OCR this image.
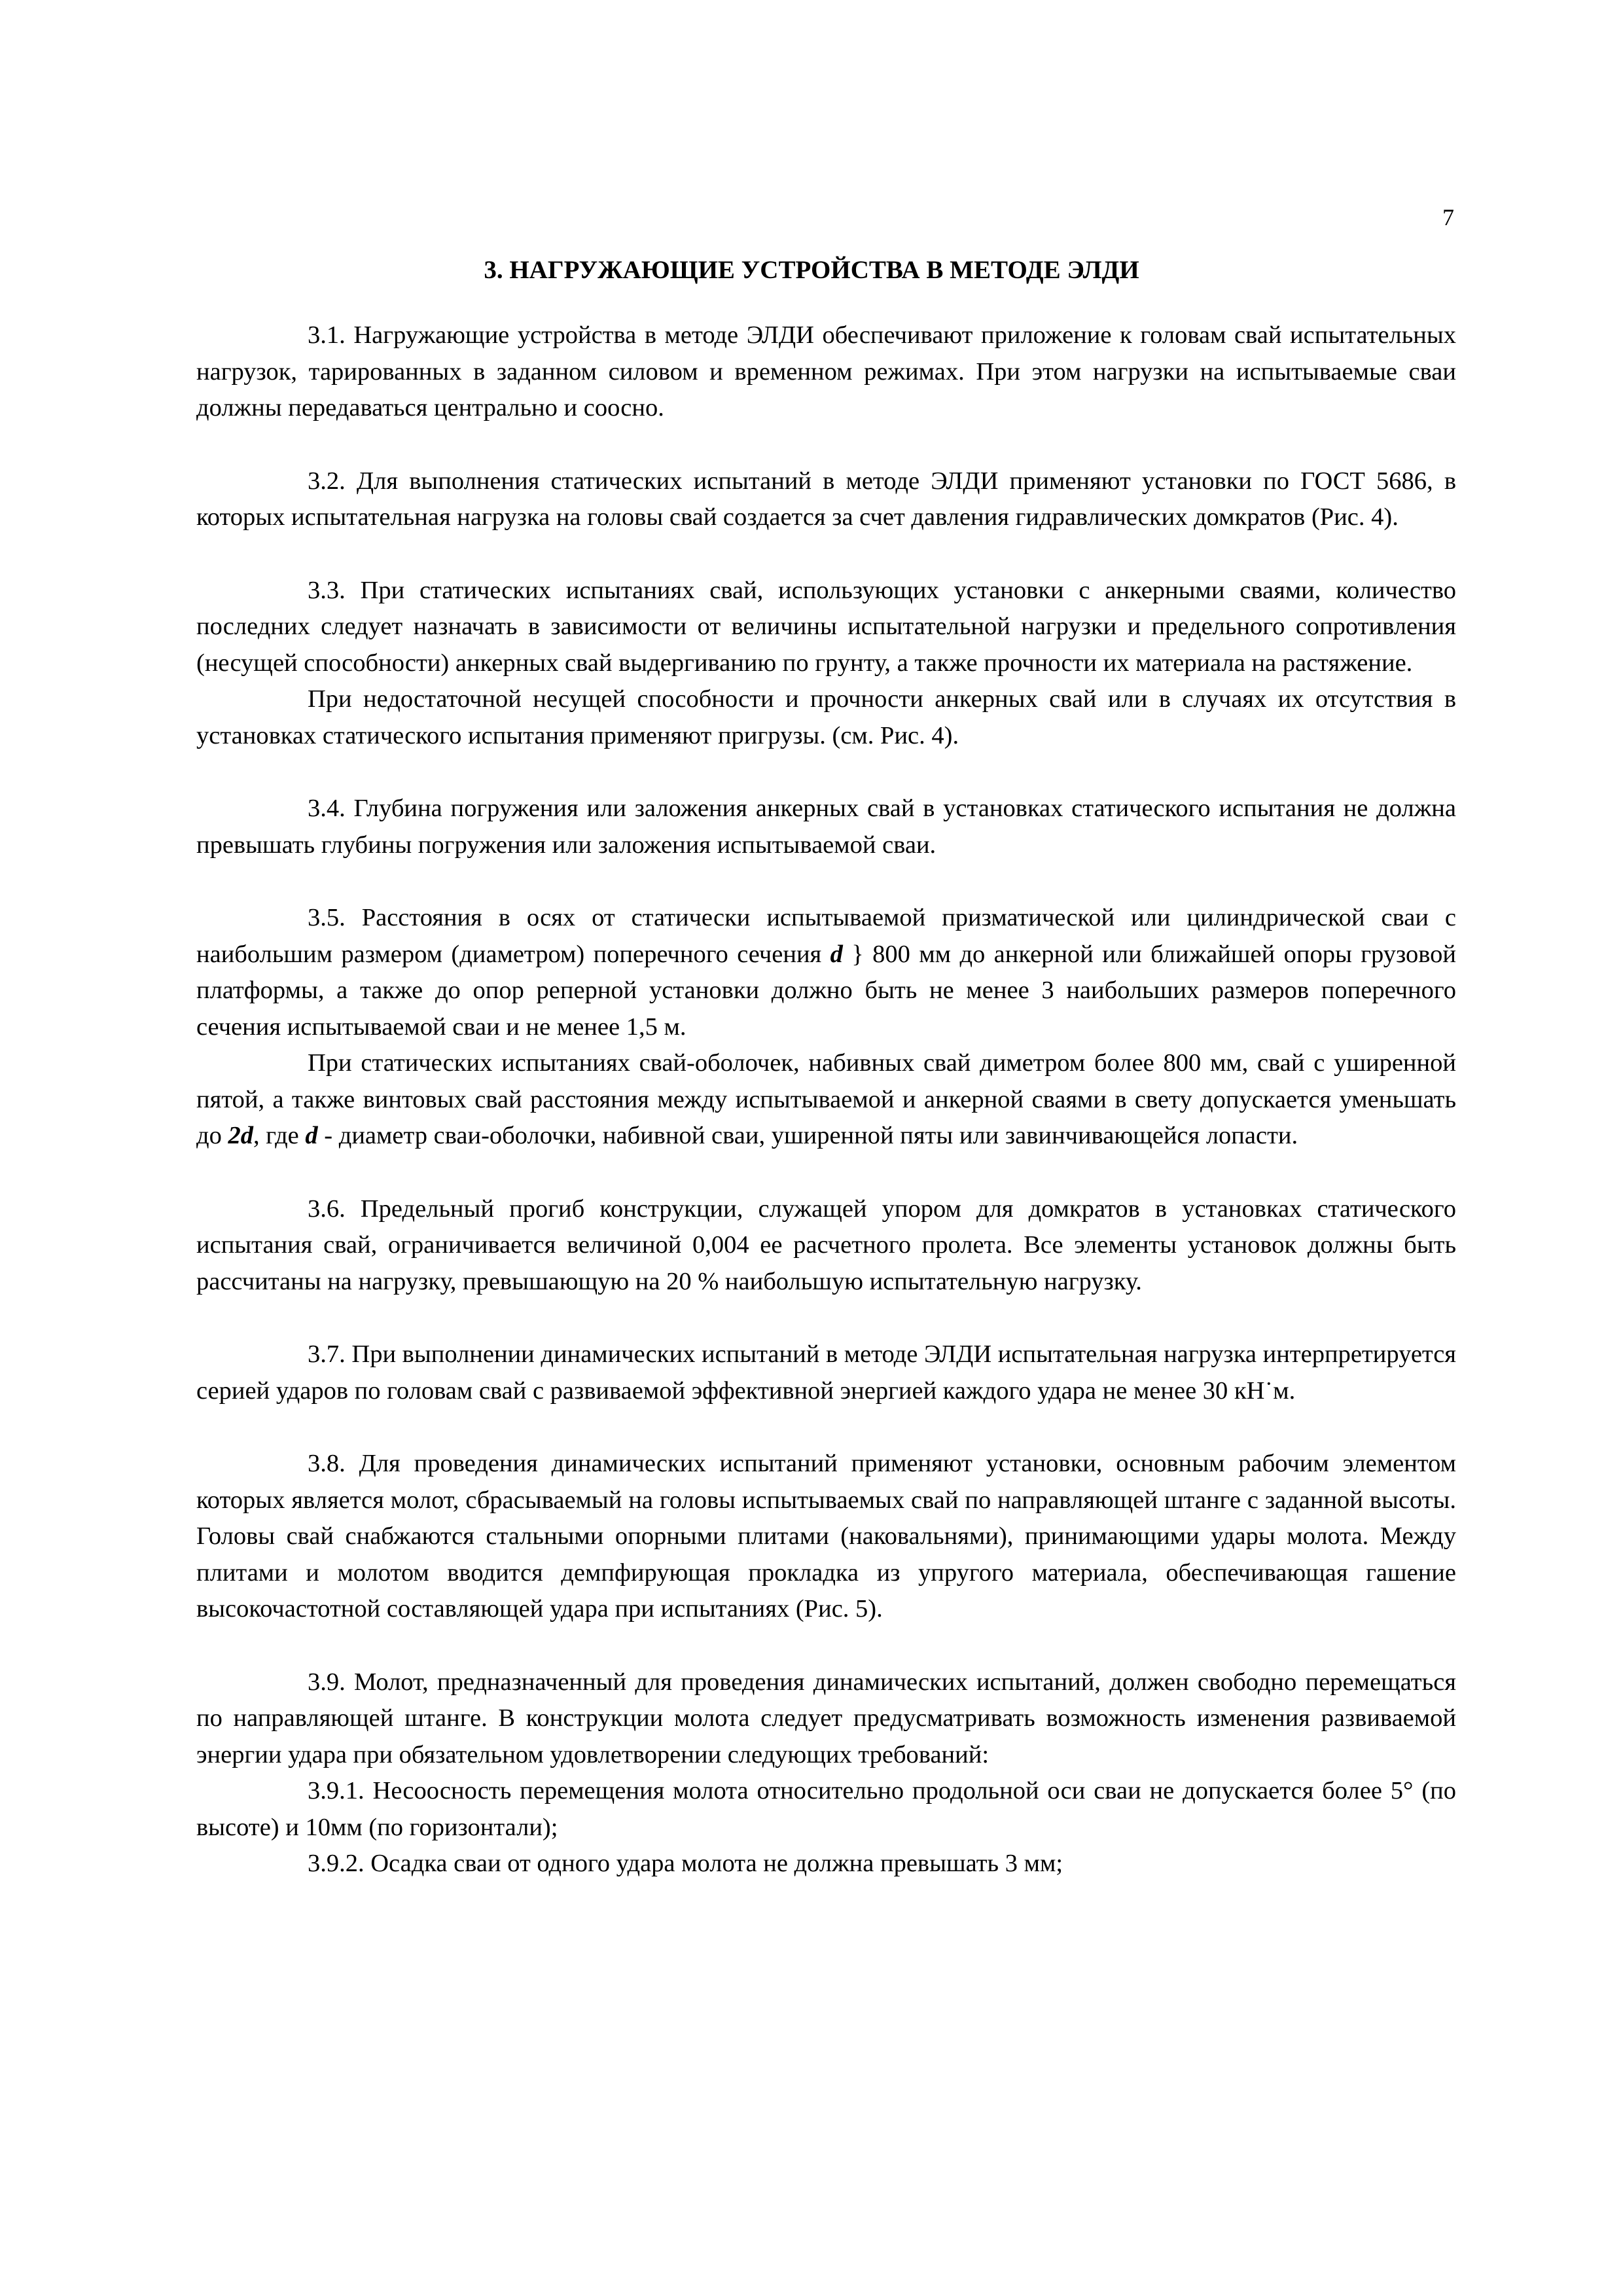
7
3. НАГРУЖАЮЩИЕ УСТРОЙСТВА В МЕТОДЕ ЭЛДИ

3.1. Нагружающие устройства в методе ЭЛДИ обеспечивают приложение к головам свай испытательных нагрузок, тарированных в заданном силовом и временном режимах. При этом нагрузки на испытываемые сваи должны передаваться центрально и соосно.

3.2. Для выполнения статических испытаний в методе ЭЛДИ применяют установки по ГОСТ 5686, в которых испытательная нагрузка на головы свай создается за счет давления гидравлических домкратов (Рис. 4).

3.3. При статических испытаниях свай, использующих установки с анкерными сваями, количество последних следует назначать в зависимости от величины испытательной нагрузки и предельного сопротивления (несущей способности) анкерных свай выдергиванию по грунту, а также прочности их материала на растяжение.

При недостаточной несущей способности и прочности анкерных свай или в случаях их отсутствия в установках статического испытания применяют пригрузы. (см. Рис. 4).

3.4. Глубина погружения или заложения анкерных свай в установках статического испытания не должна превышать глубины погружения или заложения испытываемой сваи.

3.5. Расстояния в осях от статически испытываемой призматической или цилиндрической сваи с наибольшим размером (диаметром) поперечного сечения d } 800 мм до анкерной или ближайшей опоры грузовой платформы, а также до опор реперной установки должно быть не менее 3 наибольших размеров поперечного сечения испытываемой сваи и не менее 1,5 м.

При статических испытаниях свай-оболочек, набивных свай диметром более 800 мм, свай с уширенной пятой, а также винтовых свай расстояния между испытываемой и анкерной сваями в свету допускается уменьшать до 2d, где d - диаметр сваи-оболочки, набивной сваи, уширенной пяты или завинчивающейся лопасти.

3.6. Предельный прогиб конструкции, служащей упором для домкратов в установках статического испытания свай, ограничивается величиной 0,004 ее расчетного пролета. Все элементы установок должны быть рассчитаны на нагрузку, превышающую на 20 % наибольшую испытательную нагрузку.

3.7. При выполнении динамических испытаний в методе ЭЛДИ испытательная нагрузка интерпретируется серией ударов по головам свай с развиваемой эффективной энергией каждого удара не менее 30 кН˙м.

3.8. Для проведения динамических испытаний применяют установки, основным рабочим элементом которых является молот, сбрасываемый на головы испытываемых свай по направляющей штанге с заданной высоты. Головы свай снабжаются стальными опорными плитами (наковальнями), принимающими удары молота. Между плитами и молотом вводится демпфирующая прокладка из упругого материала, обеспечивающая гашение высокочастотной составляющей удара при испытаниях (Рис. 5).

3.9. Молот, предназначенный для проведения динамических испытаний, должен свободно перемещаться по направляющей штанге. В конструкции молота следует предусматривать возможность изменения развиваемой энергии удара при обязательном удовлетворении следующих требований:

3.9.1. Несоосность перемещения молота относительно продольной оси сваи не допускается более 5° (по высоте) и 10мм (по горизонтали);

3.9.2. Осадка сваи от одного удара молота не должна превышать 3 мм;
